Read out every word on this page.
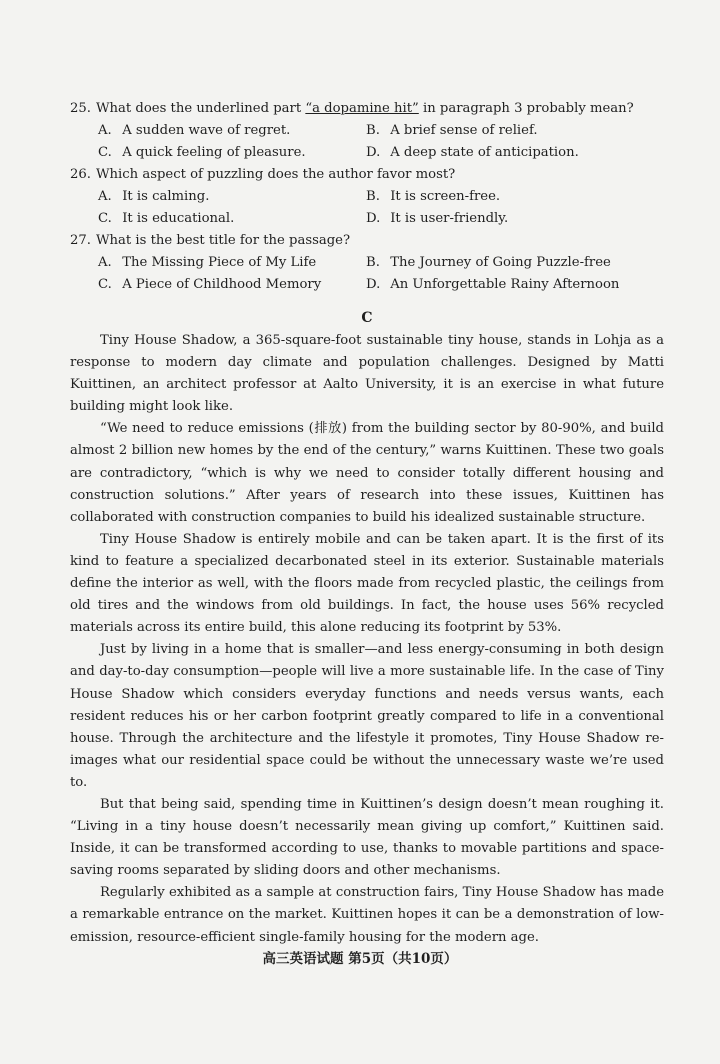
25. What does the underlined part “a dopamine hit” in paragraph 3 probably mean?
A. A sudden wave of regret.	B. A brief sense of relief.
C. A quick feeling of pleasure.	D. A deep state of anticipation.
26. Which aspect of puzzling does the author favor most?
A. It is calming.	B. It is screen-free.
C. It is educational.	D. It is user-friendly.
27. What is the best title for the passage?
A. The Missing Piece of My Life	B. The Journey of Going Puzzle-free
C. A Piece of Childhood Memory	D. An Unforgettable Rainy Afternoon
C

Tiny House Shadow, a 365-square-foot sustainable tiny house, stands in Lohja as a response to modern day climate and population challenges. Designed by Matti Kuittinen, an architect professor at Aalto University, it is an exercise in what future building might look like.

“We need to reduce emissions (排放) from the building sector by 80-90%, and build almost 2 billion new homes by the end of the century,” warns Kuittinen. These two goals are contradictory, “which is why we need to consider totally different housing and construction solutions.” After years of research into these issues, Kuittinen has collaborated with construction companies to build his idealized sustainable structure.

Tiny House Shadow is entirely mobile and can be taken apart. It is the first of its kind to feature a specialized decarbonated steel in its exterior. Sustainable materials define the interior as well, with the floors made from recycled plastic, the ceilings from old tires and the windows from old buildings. In fact, the house uses 56% recycled materials across its entire build, this alone reducing its footprint by 53%.

Just by living in a home that is smaller—and less energy-consuming in both design and day-to-day consumption—people will live a more sustainable life. In the case of Tiny House Shadow which considers everyday functions and needs versus wants, each resident reduces his or her carbon footprint greatly compared to life in a conventional house. Through the architecture and the lifestyle it promotes, Tiny House Shadow re-images what our residential space could be without the unnecessary waste we’re used to.

But that being said, spending time in Kuittinen’s design doesn’t mean roughing it. “Living in a tiny house doesn’t necessarily mean giving up comfort,” Kuittinen said. Inside, it can be transformed according to use, thanks to movable partitions and space-saving rooms separated by sliding doors and other mechanisms.

Regularly exhibited as a sample at construction fairs, Tiny House Shadow has made a remarkable entrance on the market. Kuittinen hopes it can be a demonstration of low-emission, resource-efficient single-family housing for the modern age.

高三英语试题 第5页（共10页）
